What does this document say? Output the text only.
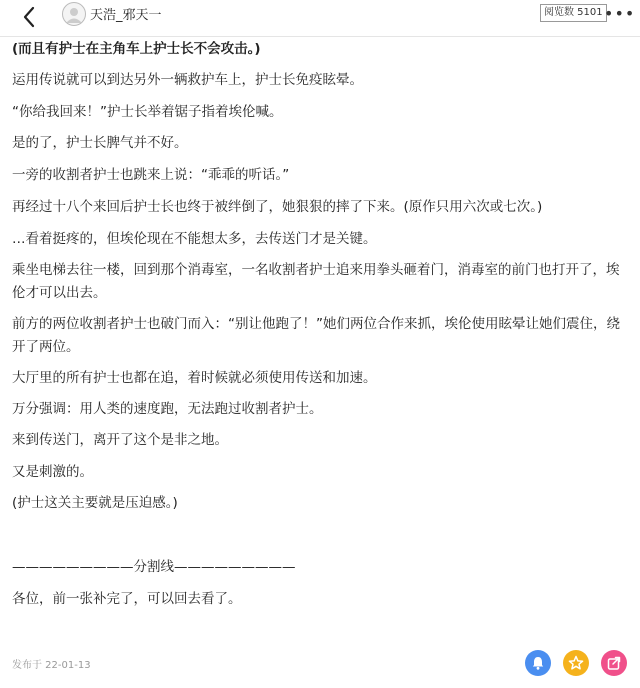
天浩_邪天一	阅览数 5101 •••
(而且有护士在主角车上护士长不会攻击。)
运用传说就可以到达另外一辆救护车上，护士长免疫眩晕。
“你给我回来！”护士长举着锯子指着埃伦喊。
是的了，护士长脾气并不好。
一旁的收割者护士也跳来上说：“乖乖的听话。”
再经过十八个来回后护士长也终于被绊倒了，她狠狠的摔了下来。(原作只用六次或七次。)
…看着挺疼的，但埃伦现在不能想太多，去传送门才是关键。
乘坐电梯去往一楼，回到那个消毒室，一名收割者护士追来用拳头砸着门，消毒室的前门也打开了，埃伦才可以出去。
前方的两位收割者护士也破门而入：“别让他跑了！”她们两位合作来抓，埃伦使用眩晕让她们震住，绕开了两位。
大厅里的所有护士也都在追，着时候就必须使用传送和加速。
万分强调：用人类的速度跑，无法跑过收割者护士。
来到传送门，离开了这个是非之地。
又是刺激的。
(护士这关主要就是压迫感。)
—————————分割线—————————
各位，前一张补完了，可以回去看了。
发布于 22-01-13
